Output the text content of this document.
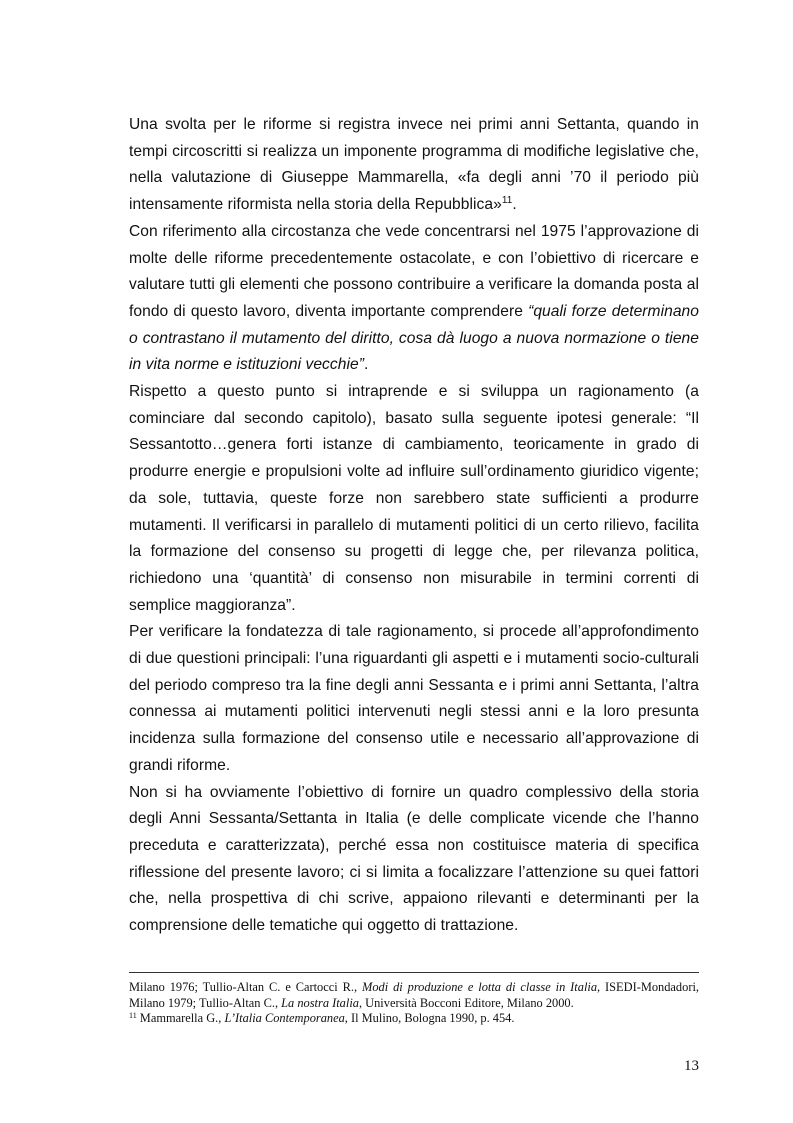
Una svolta per le riforme si registra invece nei primi anni Settanta, quando in tempi circoscritti si realizza un imponente programma di modifiche legislative che, nella valutazione di Giuseppe Mammarella, «fa degli anni ’70 il periodo più intensamente riformista nella storia della Repubblica»$^{11}$.

Con riferimento alla circostanza che vede concentrarsi nel 1975 l’approvazione di molte delle riforme precedentemente ostacolate, e con l’obiettivo di ricercare e valutare tutti gli elementi che possono contribuire a verificare la domanda posta al fondo di questo lavoro, diventa importante comprendere “quali forze determinano o contrastano il mutamento del diritto, cosa dà luogo a nuova normazione o tiene in vita norme e istituzioni vecchie”.

Rispetto a questo punto si intraprende e si sviluppa un ragionamento (a cominciare dal secondo capitolo), basato sulla seguente ipotesi generale: “Il Sessantotto…genera forti istanze di cambiamento, teoricamente in grado di produrre energie e propulsioni volte ad influire sull’ordinamento giuridico vigente; da sole, tuttavia, queste forze non sarebbero state sufficienti a produrre mutamenti. Il verificarsi in parallelo di mutamenti politici di un certo rilievo, facilita la formazione del consenso su progetti di legge che, per rilevanza politica, richiedono una ‘quantità’ di consenso non misurabile in termini correnti di semplice maggioranza”.

Per verificare la fondatezza di tale ragionamento, si procede all’approfondimento di due questioni principali: l’una riguardanti gli aspetti e i mutamenti socio-culturali del periodo compreso tra la fine degli anni Sessanta e i primi anni Settanta, l’altra connessa ai mutamenti politici intervenuti negli stessi anni e la loro presunta incidenza sulla formazione del consenso utile e necessario all’approvazione di grandi riforme.

Non si ha ovviamente l’obiettivo di fornire un quadro complessivo della storia degli Anni Sessanta/Settanta in Italia (e delle complicate vicende che l’hanno preceduta e caratterizzata), perché essa non costituisce materia di specifica riflessione del presente lavoro; ci si limita a focalizzare l’attenzione su quei fattori che, nella prospettiva di chi scrive, appaiono rilevanti e determinanti per la comprensione delle tematiche qui oggetto di trattazione.

Milano 1976; Tullio-Altan C. e Cartocci R., Modi di produzione e lotta di classe in Italia, ISEDI-Mondadori, Milano 1979; Tullio-Altan C., La nostra Italia, Università Bocconi Editore, Milano 2000.

$^{11}$ Mammarella G., L’Italia Contemporanea, Il Mulino, Bologna 1990, p. 454.

13
